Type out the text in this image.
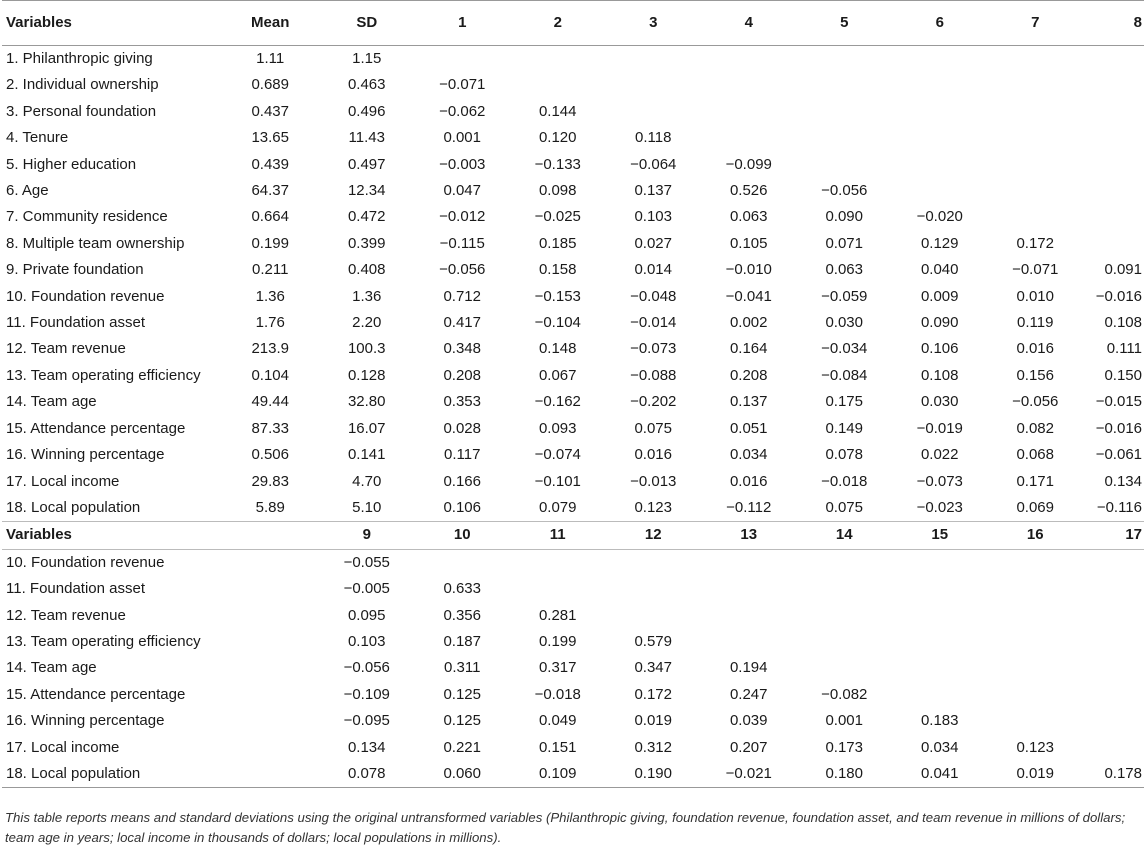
Variables	Mean	SD	1	2	3	4	5	6	7	8
1. Philanthropic giving	1.11	1.15								
2. Individual ownership	0.689	0.463	−0.071							
3. Personal foundation	0.437	0.496	−0.062	0.144						
4. Tenure	13.65	11.43	0.001	0.120	0.118					
5. Higher education	0.439	0.497	−0.003	−0.133	−0.064	−0.099				
6. Age	64.37	12.34	0.047	0.098	0.137	0.526	−0.056			
7. Community residence	0.664	0.472	−0.012	−0.025	0.103	0.063	0.090	−0.020		
8. Multiple team ownership	0.199	0.399	−0.115	0.185	0.027	0.105	0.071	0.129	0.172	
9. Private foundation	0.211	0.408	−0.056	0.158	0.014	−0.010	0.063	0.040	−0.071	0.091
10. Foundation revenue	1.36	1.36	0.712	−0.153	−0.048	−0.041	−0.059	0.009	0.010	−0.016
11. Foundation asset	1.76	2.20	0.417	−0.104	−0.014	0.002	0.030	0.090	0.119	0.108
12. Team revenue	213.9	100.3	0.348	0.148	−0.073	0.164	−0.034	0.106	0.016	0.111
13. Team operating efficiency	0.104	0.128	0.208	0.067	−0.088	0.208	−0.084	0.108	0.156	0.150
14. Team age	49.44	32.80	0.353	−0.162	−0.202	0.137	0.175	0.030	−0.056	−0.015
15. Attendance percentage	87.33	16.07	0.028	0.093	0.075	0.051	0.149	−0.019	0.082	−0.016
16. Winning percentage	0.506	0.141	0.117	−0.074	0.016	0.034	0.078	0.022	0.068	−0.061
17. Local income	29.83	4.70	0.166	−0.101	−0.013	0.016	−0.018	−0.073	0.171	0.134
18. Local population	5.89	5.10	0.106	0.079	0.123	−0.112	0.075	−0.023	0.069	−0.116
Variables		9	10	11	12	13	14	15	16	17
10. Foundation revenue		−0.055								
11. Foundation asset		−0.005	0.633							
12. Team revenue		0.095	0.356	0.281						
13. Team operating efficiency		0.103	0.187	0.199	0.579					
14. Team age		−0.056	0.311	0.317	0.347	0.194				
15. Attendance percentage		−0.109	0.125	−0.018	0.172	0.247	−0.082			
16. Winning percentage		−0.095	0.125	0.049	0.019	0.039	0.001	0.183		
17. Local income		0.134	0.221	0.151	0.312	0.207	0.173	0.034	0.123	
18. Local population		0.078	0.060	0.109	0.190	−0.021	0.180	0.041	0.019	0.178
This table reports means and standard deviations using the original untransformed variables (Philanthropic giving, foundation revenue, foundation asset, and team revenue in millions of dollars; team age in years; local income in thousands of dollars; local populations in millions).
